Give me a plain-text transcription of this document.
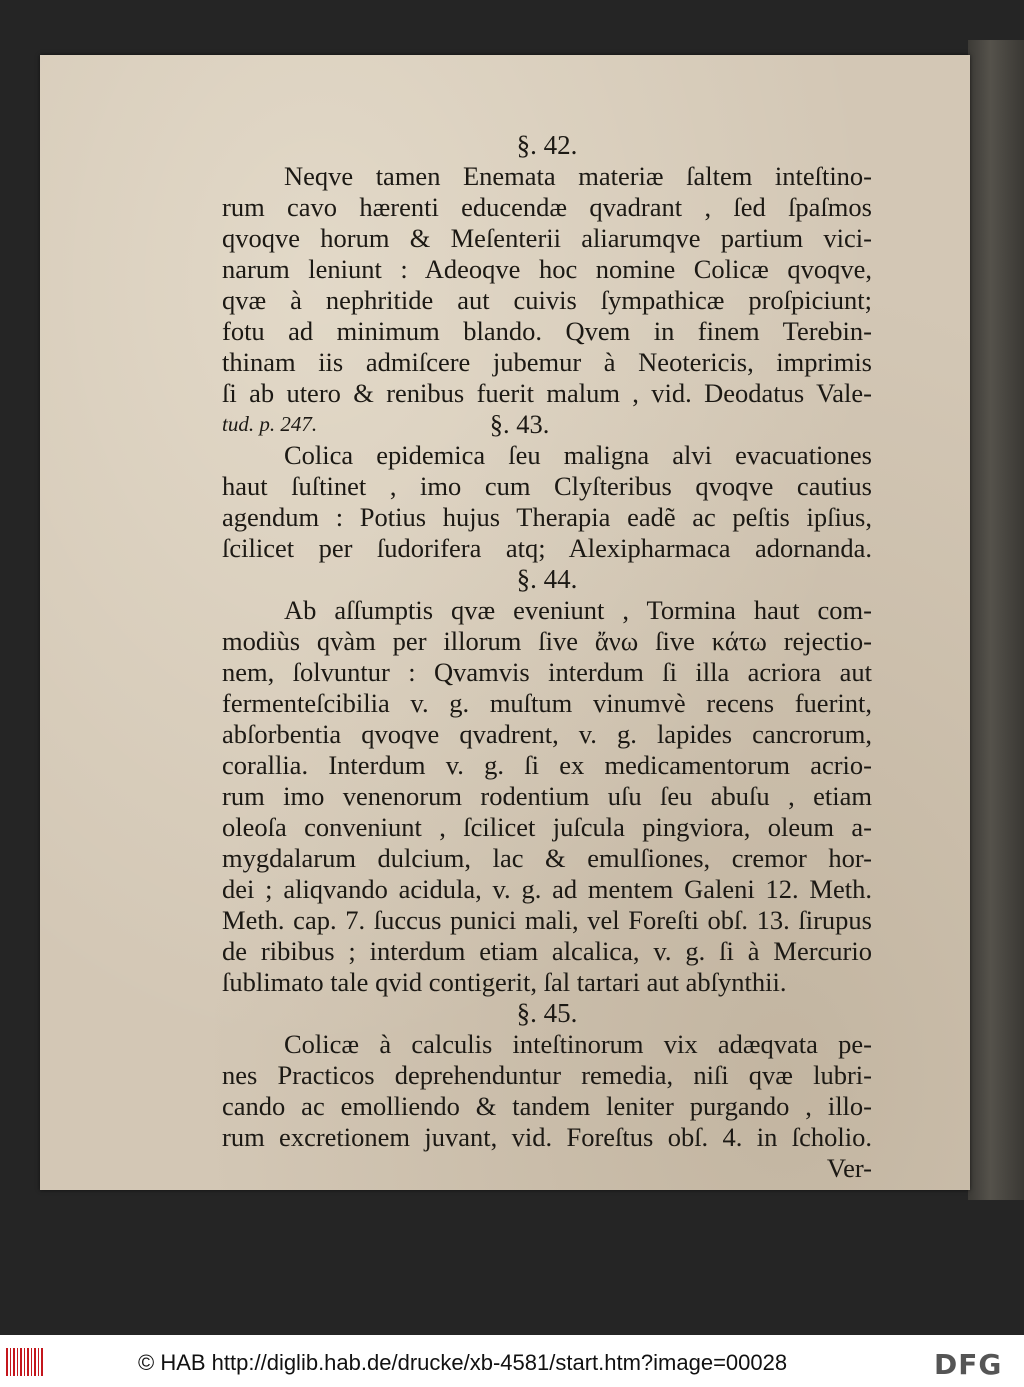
§. 42.
Neqve tamen Enemata materiæ ſaltem inteſtino-
rum cavo hærenti educendæ qvadrant , ſed ſpaſmos
qvoqve horum & Meſenterii aliarumqve partium vici-
narum leniunt : Adeoqve hoc nomine Colicæ qvoqve,
qvæ à nephritide aut cuivis ſympathicæ proſpiciunt;
fotu ad minimum blando. Qvem in finem Terebin-
thinam iis admiſcere jubemur à Neotericis, imprimis
ſi ab utero & renibus fuerit malum , vid. Deodatus Vale-
tud. p. 247.	§. 43.
Colica epidemica ſeu maligna alvi evacuationes
haut ſuſtinet , imo cum Clyſteribus qvoqve cautius
agendum : Potius hujus Therapia eadẽ ac peſtis ipſius,
ſcilicet per ſudorifera atq; Alexipharmaca adornanda.
§. 44.
Ab aſſumptis qvæ eveniunt , Tormina haut com-
modiùs qvàm per illorum ſive ἄνω ſive κάτω rejectio-
nem, ſolvuntur : Qvamvis interdum ſi illa acriora aut
fermenteſcibilia v. g. muſtum vinumvè recens fuerint,
abſorbentia qvoqve qvadrent, v. g. lapides cancrorum,
corallia. Interdum v. g. ſi ex medicamentorum acrio-
rum imo venenorum rodentium uſu ſeu abuſu , etiam
oleoſa conveniunt , ſcilicet juſcula pingviora, oleum a-
mygdalarum dulcium, lac & emulſiones, cremor hor-
dei ; aliqvando acidula, v. g. ad mentem Galeni 12. Meth.
Meth. cap. 7. ſuccus punici mali, vel Foreſti obſ. 13. ſirupus
de ribibus ; interdum etiam alcalica, v. g. ſi à Mercurio
ſublimato tale qvid contigerit, ſal tartari aut abſynthii.
§. 45.
Colicæ à calculis inteſtinorum vix adæqvata pe-
nes Practicos deprehenduntur remedia, niſi qvæ lubri-
cando ac emolliendo & tandem leniter purgando , illo-
rum excretionem juvant, vid. Foreſtus obſ. 4. in ſcholio.
Ver-
© HAB http://diglib.hab.de/drucke/xb-4581/start.htm?image=00028	DFG
